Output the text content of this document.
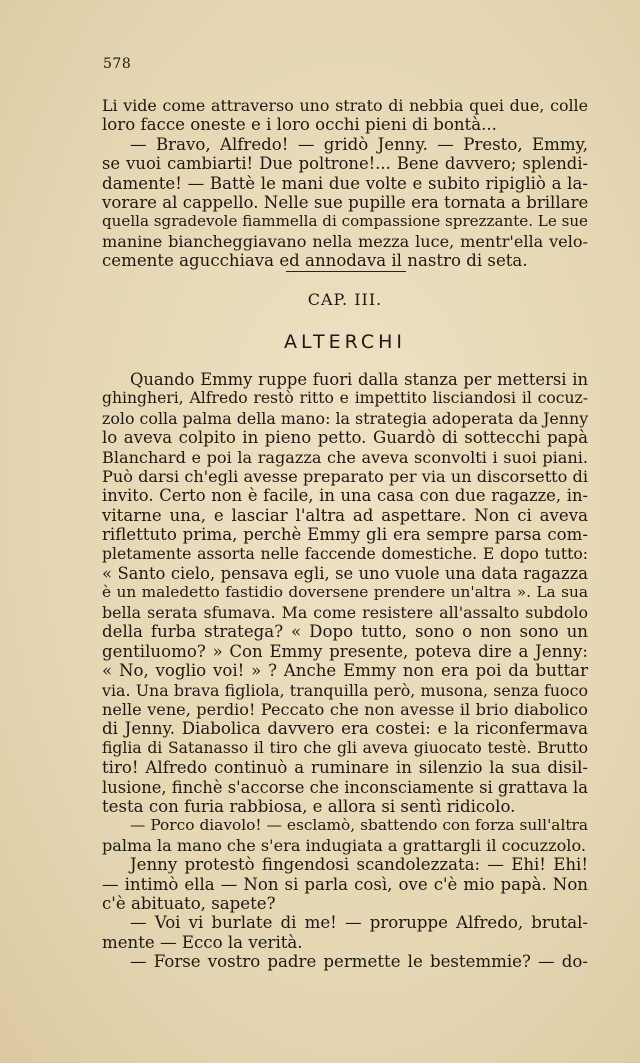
578
Li vide come attraverso uno strato di nebbia quei due, colle
loro facce oneste e i loro occhi pieni di bontà...
— Bravo, Alfredo! — gridò Jenny. — Presto, Emmy,
se vuoi cambiarti! Due poltrone!... Bene davvero; splendi-
damente! — Battè le mani due volte e subito ripigliò a la-
vorare al cappello. Nelle sue pupille era tornata a brillare
quella sgradevole fiammella di compassione sprezzante. Le sue
manine biancheggiavano nella mezza luce, mentr'ella velo-
cemente agucchiava ed annodava il nastro di seta.
CAP. III.
ALTERCHI
Quando Emmy ruppe fuori dalla stanza per mettersi in
ghingheri, Alfredo restò ritto e impettito lisciandosi il cocuz-
zolo colla palma della mano: la strategia adoperata da Jenny
lo aveva colpito in pieno petto. Guardò di sottecchi papà
Blanchard e poi la ragazza che aveva sconvolti i suoi piani.
Può darsi ch'egli avesse preparato per via un discorsetto di
invito. Certo non è facile, in una casa con due ragazze, in-
vitarne una, e lasciar l'altra ad aspettare. Non ci aveva
riflettuto prima, perchè Emmy gli era sempre parsa com-
pletamente assorta nelle faccende domestiche. E dopo tutto:
« Santo cielo, pensava egli, se uno vuole una data ragazza
è un maledetto fastidio doversene prendere un'altra ». La sua
bella serata sfumava. Ma come resistere all'assalto subdolo
della furba stratega? « Dopo tutto, sono o non sono un
gentiluomo? » Con Emmy presente, poteva dire a Jenny:
« No, voglio voi! » ? Anche Emmy non era poi da buttar
via. Una brava figliola, tranquilla però, musona, senza fuoco
nelle vene, perdio! Peccato che non avesse il brio diabolico
di Jenny. Diabolica davvero era costei: e la riconfermava
figlia di Satanasso il tiro che gli aveva giuocato testè. Brutto
tiro! Alfredo continuò a ruminare in silenzio la sua disil-
lusione, finchè s'accorse che inconsciamente si grattava la
testa con furia rabbiosa, e allora si sentì ridicolo.
— Porco diavolo! — esclamò, sbattendo con forza sull'altra
palma la mano che s'era indugiata a grattargli il cocuzzolo.
Jenny protestò fingendosi scandolezzata: — Ehi! Ehi!
— intimò ella — Non si parla così, ove c'è mio papà. Non
c'è abituato, sapete?
— Voi vi burlate di me! — proruppe Alfredo, brutal-
mente — Ecco la verità.
— Forse vostro padre permette le bestemmie? — do-
